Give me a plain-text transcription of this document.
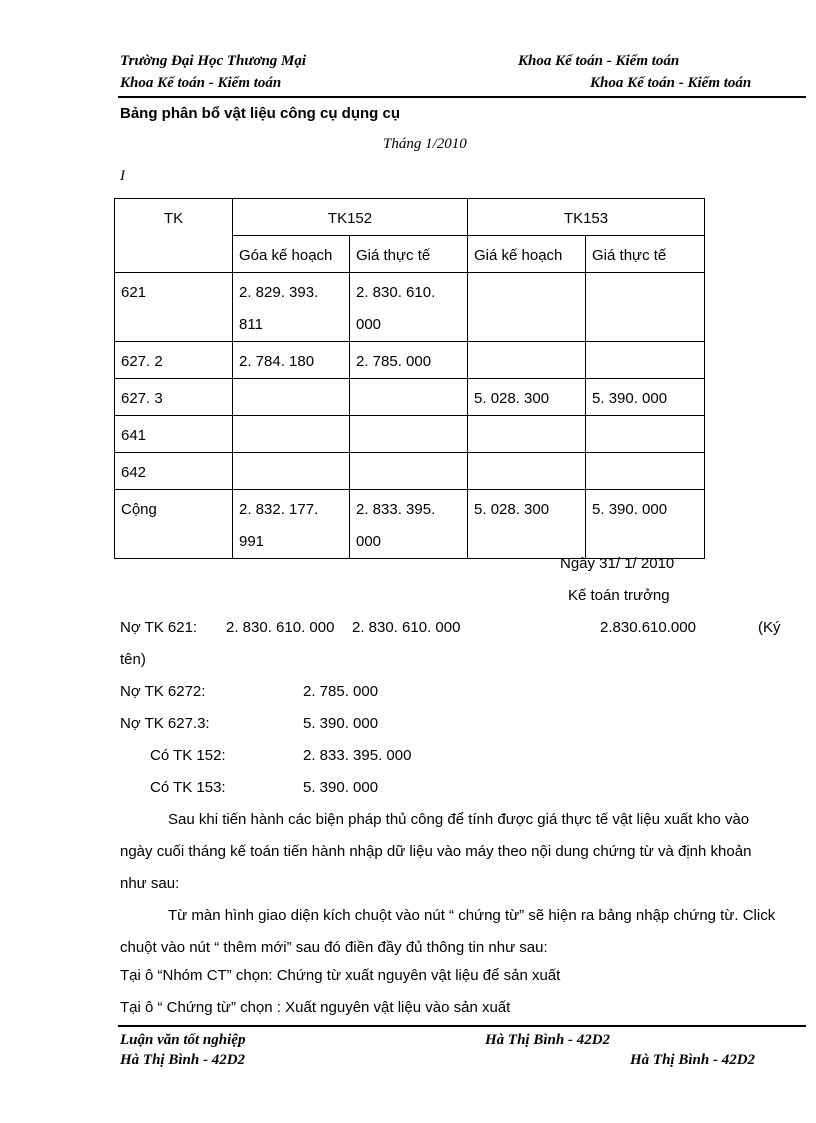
Trường Đại Học Thương Mại	Khoa Kế toán - Kiểm toán
Khoa Kế toán - Kiểm toán	Khoa Kế toán - Kiểm toán
Bảng phân bổ vật liệu công cụ dụng cụ
Tháng 1/2010
I
TK	TK152		TK153	
	Góa kế hoạch	Giá thực tế	Giá kế hoạch	Giá thực tế
621	2. 829. 393. 811	2. 830. 610. 000		
627. 2	2. 784. 180	2. 785. 000		
627. 3			5. 028. 300	5. 390. 000
641				
642				
Cộng	2. 832. 177. 991	2. 833. 395. 000	5. 028. 300	5. 390. 000
Ngày 31/ 1/ 2010
Kế toán trưởng
Nợ TK 621: 2. 830. 610. 000 2. 830. 610. 000	2.830.610.000	(Ký
tên)
Nợ TK 6272:	2. 785. 000
Nợ TK 627.3:	5. 390. 000
Có TK 152:	2. 833. 395. 000
Có TK 153:	5. 390. 000
Sau khi tiến hành các biện pháp thủ công để tính được giá thực tế vật liệu xuất kho vào
ngày cuối tháng kế toán tiến hành nhập dữ liệu vào máy theo nội dung chứng từ và định khoản
như sau:
Từ màn hình giao diện kích chuột vào nút “ chứng từ” sẽ hiện ra bảng nhập chứng từ. Click
chuột vào nút “ thêm mới” sau đó điền đầy đủ thông tin như sau:
Tại ô “Nhóm CT” chọn: Chứng từ xuất nguyên vật liệu để sản xuất
Tại ô “ Chứng từ” chọn : Xuất nguyên vật liệu vào sản xuất
Luận văn tốt nghiệp	Hà Thị Bình - 42D2
Hà Thị Bình - 42D2	Hà Thị Bình - 42D2
